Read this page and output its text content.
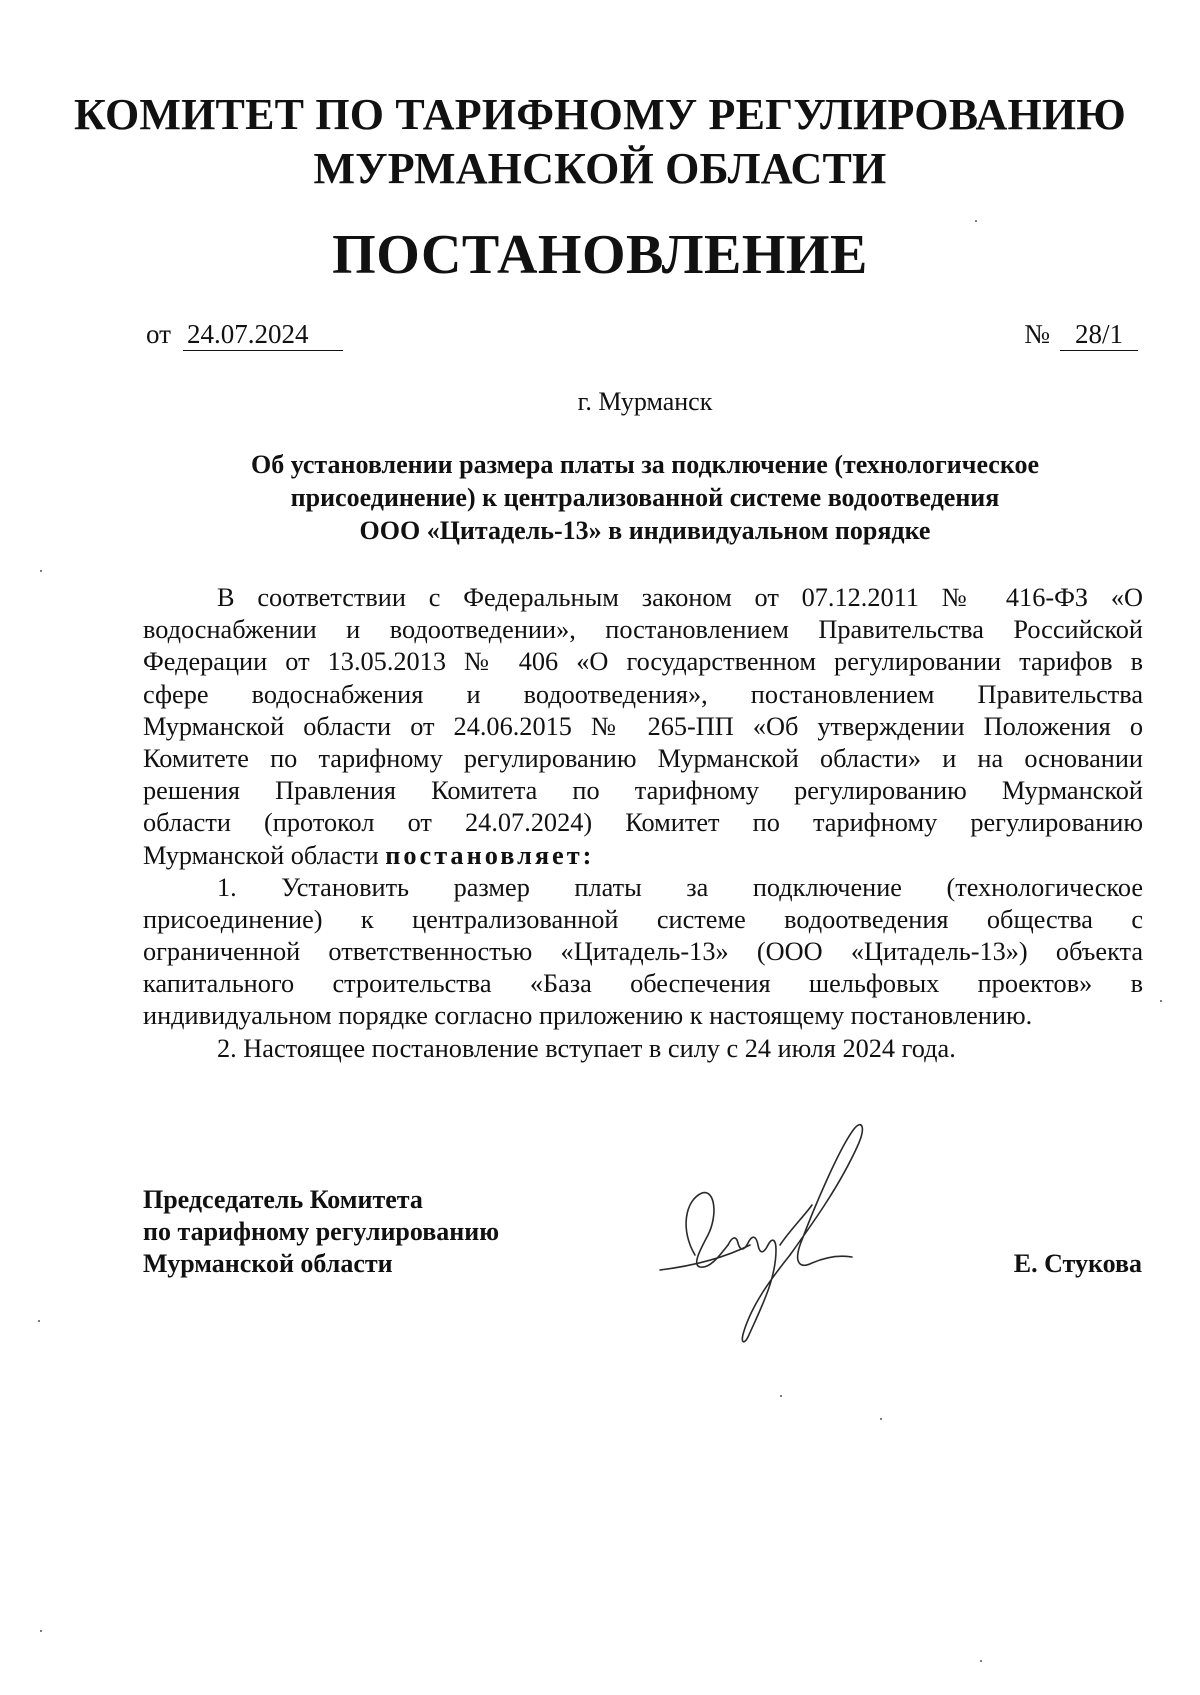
КОМИТЕТ ПО ТАРИФНОМУ РЕГУЛИРОВАНИЮ
МУРМАНСКОЙ ОБЛАСТИ
ПОСТАНОВЛЕНИЕ
от 24.07.2024	№ 28/1
г. Мурманск
Об установлении размера платы за подключение (технологическое
присоединение) к централизованной системе водоотведения
ООО «Цитадель-13» в индивидуальном порядке
В соответствии с Федеральным законом от 07.12.2011 № 416-ФЗ «О
водоснабжении и водоотведении», постановлением Правительства Российской
Федерации от 13.05.2013 № 406 «О государственном регулировании тарифов в
сфере водоснабжения и водоотведения», постановлением Правительства
Мурманской области от 24.06.2015 № 265-ПП «Об утверждении Положения о
Комитете по тарифному регулированию Мурманской области» и на основании
решения Правления Комитета по тарифному регулированию Мурманской
области (протокол от 24.07.2024) Комитет по тарифному регулированию
Мурманской области постановляет:
1. Установить размер платы за подключение (технологическое
присоединение) к централизованной системе водоотведения общества с
ограниченной ответственностью «Цитадель-13» (ООО «Цитадель-13») объекта
капитального строительства «База обеспечения шельфовых проектов» в
индивидуальном порядке согласно приложению к настоящему постановлению.
2. Настоящее постановление вступает в силу с 24 июля 2024 года.
Председатель Комитета
по тарифному регулированию
Мурманской области	Е. Стукова
